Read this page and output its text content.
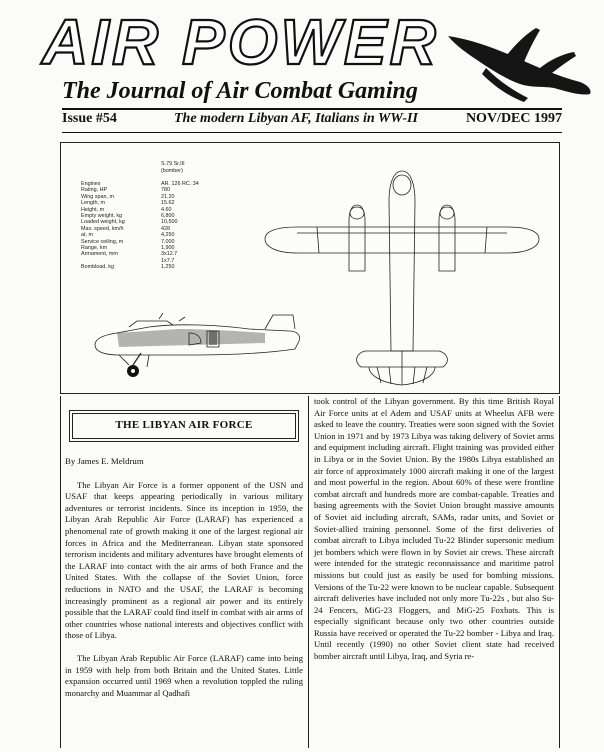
AIR POWER
The Journal of Air Combat Gaming
Issue #54	The modern Libyan AF, Italians in WW-II	NOV/DEC 1997
S.79 Sr.III
(bomber)
Engines	AR. 126 RC. 34
Rating, HP	780
Wing span, m	21.20
Length, m	15.62
Height, m	4.60
Empty weight, kg	6,800
Loaded weight, kg	10,500
Max. speed, km/h	428
at, m	4,250
Service ceiling, m	7,000
Range, km	1,900
Armament, mm	3x12.7
1x7.7
Bombload, kg	1,250
THE LIBYAN AIR FORCE
By James E. Meldrum

The Libyan Air Force is a former opponent of the USN and USAF that keeps appearing periodically in various military adventures or terrorist incidents. Since its inception in 1959, the Libyan Arab Republic Air Force (LARAF) has experienced a phenomenal rate of growth making it one of the largest regional air forces in Africa and the Mediterranean. Libyan state sponsored terrorism incidents and military adventures have brought elements of the LARAF into contact with the air arms of both France and the United States. With the collapse of the Soviet Union, force reductions in NATO and the USAF, the LARAF is becoming increasingly prominent as a regional air power and its entirely possible that the LARAF could find itself in combat with air arms of other countries whose national interests and objectives conflict with those of Libya.

The Libyan Arab Republic Air Force (LARAF) came into being in 1959 with help from both Britain and the United States. Little expansion occurred until 1969 when a revolution toppled the ruling monarchy and Muammar al Qadhafi

took control of the Libyan government. By this time British Royal Air Force units at el Adem and USAF units at Wheelus AFB were asked to leave the country. Treaties were soon signed with the Soviet Union in 1971 and by 1973 Libya was taking delivery of Soviet arms and equipment including aircraft. Flight training was provided either in Libya or in the Soviet Union. By the 1980s Libya established an air force of approximately 1000 aircraft making it one of the largest and most powerful in the region. About 60% of these were frontline combat aircraft and hundreds more are combat-capable. Treaties and basing agreements with the Soviet Union brought massive amounts of Soviet aid including aircraft, SAMs, radar units, and Soviet or Soviet-allied training personnel. Some of the first deliveries of combat aircraft to Libya included Tu-22 Blinder supersonic medium jet bombers which were flown in by Soviet air crews. These aircraft were intended for the strategic reconnaissance and maritime patrol missions but could just as easily be used for bombing missions. Versions of the Tu-22 were known to be nuclear capable. Subsequent aircraft deliveries have included not only more Tu-22s , but also Su-24 Fencers, MiG-23 Floggers, and MiG-25 Foxbats. This is especially significant because only two other countries outside Russia have received or operated the Tu-22 bomber - Libya and Iraq. Until recently (1990) no other Soviet client state had received bomber aircraft until Libya, Iraq, and Syria re-
